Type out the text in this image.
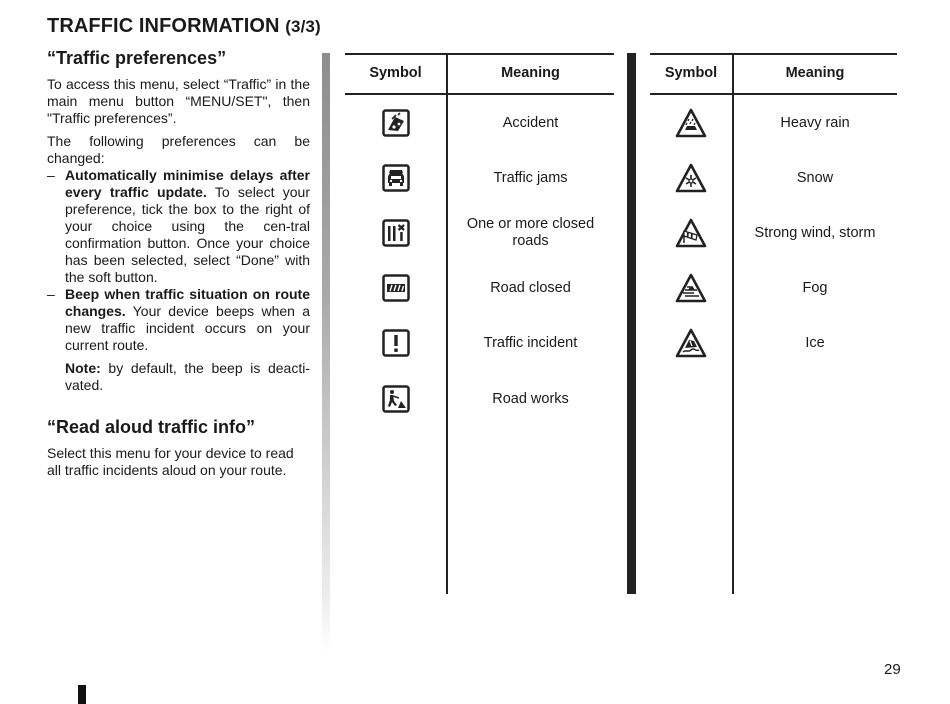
TRAFFIC INFORMATION (3/3)
“Traffic preferences”
To access this menu, select “Traffic” in the main menu button “MENU/SET", then "Traffic preferences”.
The following preferences can be changed:
– Automatically minimise delays after every traffic update. To select your preference, tick the box to the right of your choice using the cen-tral confirmation button. Once your choice has been selected, select “Done” with the soft button.
– Beep when traffic situation on route changes. Your device beeps when a new traffic incident occurs on your current route.
Note: by default, the beep is deacti-vated.
“Read aloud traffic info”
Select this menu for your device to read all traffic incidents aloud on your route.
Symbol	Meaning
Accident
Traffic jams
One or more closed roads
Road closed
Traffic incident
Road works
Symbol	Meaning
Heavy rain
Snow
Strong wind, storm
Fog
Ice
29
